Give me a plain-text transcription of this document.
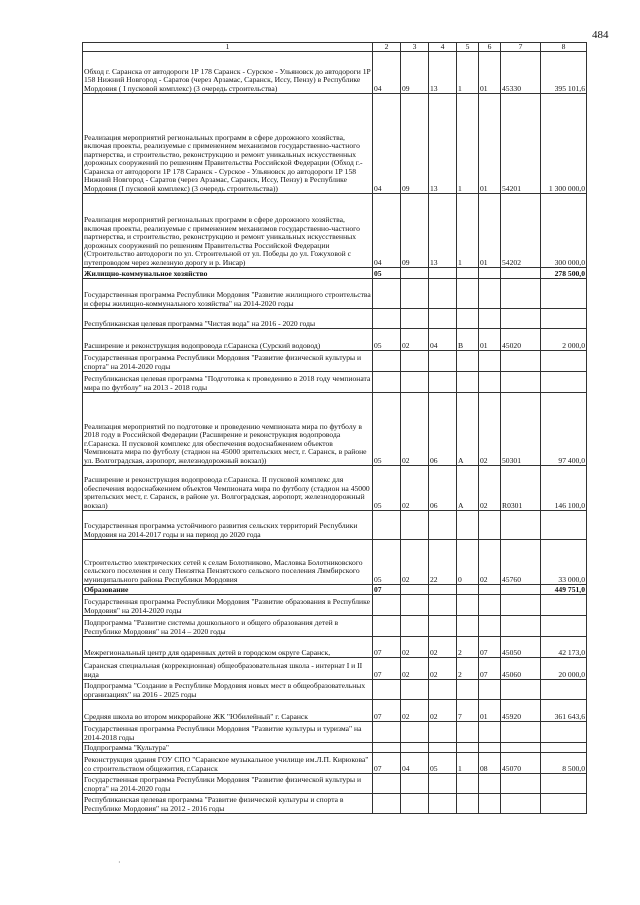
484
1	2	3	4	5	6	7	8
Обход г. Саранска от автодороги 1Р 178 Саранск - Сурское - Ульяновск до автодороги 1Р 158 Нижний Новгород - Саратов (через Арзамас, Саранск, Иссу, Пензу) в Республике Мордовия ( I пусковой комплекс) (3 очередь строительства)	04	09	13	1	01	45330	395 101,6
Реализация мероприятий региональных программ в сфере дорожного хозяйства, включая проекты, реализуемые с применением механизмов государственно-частного партнерства, и строительство, реконструкцию и ремонт уникальных искусственных дорожных сооружений по решениям Правительства Российской Федерации (Обход г.-Саранска от автодороги 1Р 178 Саранск - Сурское - Ульяновск до автодороги 1Р 158 Нижний Новгород - Саратов (через Арзамас, Саранск, Иссу, Пензу) в Республике Мордовия (I пусковой комплекс) (3 очередь строительства))	04	09	13	1	01	54201	1 300 000,0
Реализация мероприятий региональных программ в сфере дорожного хозяйства, включая проекты, реализуемые с применением механизмов государственно-частного партнерства, и строительство, реконструкцию и ремонт уникальных искусственных дорожных сооружений по решениям Правительства Российской Федерации (Строительство автодороги по ул. Строительной от ул. Победы до ул. Гожуховой с путепроводом через железную дорогу и р. Инсар)	04	09	13	1	01	54202	300 000,0
Жилищно-коммунальное хозяйство	05						278 500,0
Государственная программа Республики Мордовия "Развитие жилищного строительства и сферы жилищно-коммунального хозяйства" на 2014-2020 годы							
Республиканская целевая программа "Чистая вода" на 2016 - 2020 годы							
Расширение и реконструкция водопровода г.Саранска (Сурский водовод)	05	02	04	В	01	45020	2 000,0
Государственная программа Республики Мордовия "Развитие физической культуры и спорта" на 2014-2020 годы							
Республиканская целевая программа "Подготовка к проведению в 2018 году чемпионата мира по футболу" на 2013 - 2018 годы							
Реализация мероприятий по подготовке и проведению чемпионата мира по футболу в 2018 году в Российской Федерации (Расширение и реконструкция водопровода г.Саранска. II пусковой комплекс для обеспечения водоснабжением объектов Чемпионата мира по футболу (стадион на 45000 зрительских мест, г. Саранск, в районе ул. Волгоградская, аэропорт, железнодорожный вокзал))	05	02	06	А	02	50301	97 400,0
Расширение и реконструкция водопровода г.Саранска. II пусковой комплекс для обеспечения водоснабжением объектов Чемпионата мира по футболу (стадион на 45000 зрительских мест, г. Саранск, в районе ул. Волгоградская, аэропорт, железнодорожный вокзал)	05	02	06	А	02	R0301	146 100,0
Государственная программа устойчивого развития сельских территорий Республики Мордовия на 2014-2017 годы и на период до 2020 года							
Строительство электрических сетей к селам Болотниково, Масловка Болотниковского сельского поселения и селу Пензятка Пензятского сельского поселения Лямбирского муниципального района Республики Мордовия	05	02	22	0	02	45760	33 000,0
Образование	07						449 751,0
Государственная программа Республики Мордовия "Развитие образования в Республике Мордовия" на 2014-2020 годы							
Подпрограмма "Развитие системы дошкольного и общего образования детей в Республике Мордовия" на 2014 – 2020 годы							
Межрегиональный центр для одаренных детей в городском округе Саранск,	07	02	02	2	07	45050	42 173,0
Саранская специальная (коррекционная) общеобразовательная школа - интернат I и II вида	07	02	02	2	07	45060	20 000,0
Подпрограмма "Создание в Республике Мордовия новых мест в общеобразовательных организациях" на 2016 - 2025 годы							
Средняя школа во втором микрорайоне ЖК "Юбилейный" г. Саранск	07	02	02	7	01	45920	361 643,6
Государственная программа Республики Мордовия "Развитие культуры и туризма" на 2014-2018 годы							
Подпрограмма "Культура"							
Реконструкция здания ГОУ СПО "Саранское музыкальное училище им.Л.П. Кирюкова" со строительством общежития, г.Саранск	07	04	05	1	08	45070	8 500,0
Государственная программа Республики Мордовия "Развитие физической культуры и спорта" на 2014-2020 годы							
Республиканская целевая программа "Развитие физической культуры и спорта в Республике Мордовия" на 2012 - 2016 годы							
·
